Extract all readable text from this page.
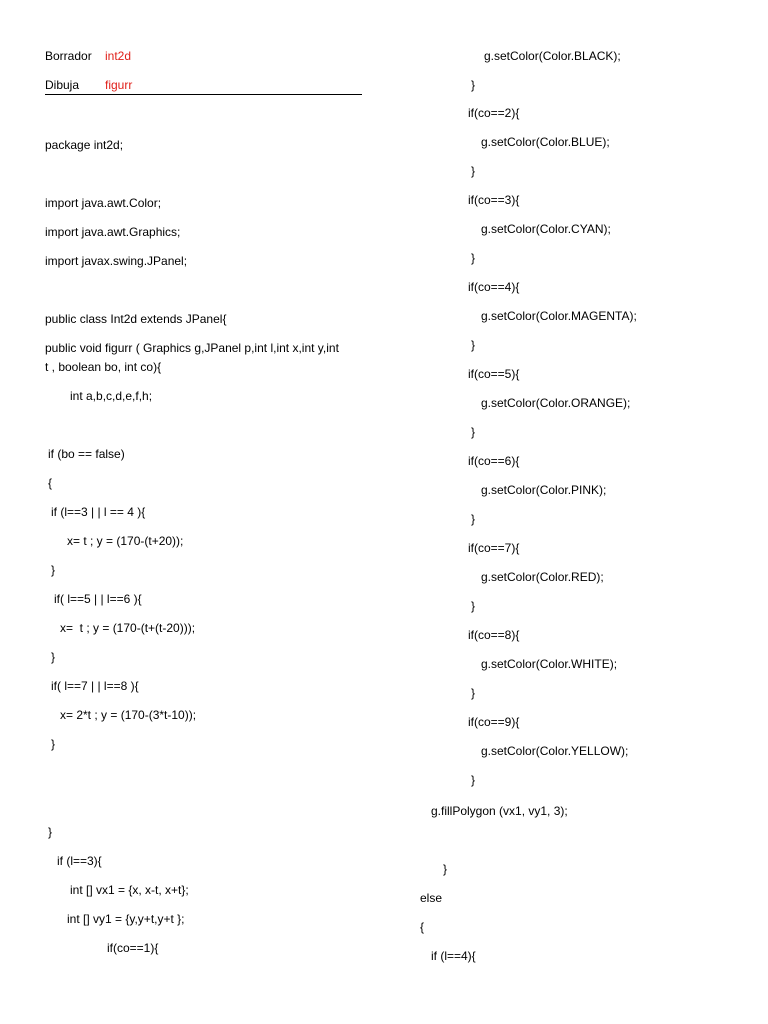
Borrador int2d
Dibuja figurr
package int2d;
import java.awt.Color;
import java.awt.Graphics;
import javax.swing.JPanel;
public class Int2d extends JPanel{
public void figurr ( Graphics g,JPanel p,int l,int x,int y,int
t , boolean bo, int co){
int a,b,c,d,e,f,h;
if (bo == false)
{
if (l==3 | | l == 4 ){
x= t ; y = (170-(t+20));
}
if( l==5 | | l==6 ){
x=  t ; y = (170-(t+(t-20)));
}
if( l==7 | | l==8 ){
x= 2*t ; y = (170-(3*t-10));
}
}
if (l==3){
int [] vx1 = {x, x-t, x+t};
int [] vy1 = {y,y+t,y+t };
if(co==1){
g.setColor(Color.BLACK);
}
if(co==2){
g.setColor(Color.BLUE);
}
if(co==3){
g.setColor(Color.CYAN);
}
if(co==4){
g.setColor(Color.MAGENTA);
}
if(co==5){
g.setColor(Color.ORANGE);
}
if(co==6){
g.setColor(Color.PINK);
}
if(co==7){
g.setColor(Color.RED);
}
if(co==8){
g.setColor(Color.WHITE);
}
if(co==9){
g.setColor(Color.YELLOW);
}
g.fillPolygon (vx1, vy1, 3);
}
else
{
if (l==4){
